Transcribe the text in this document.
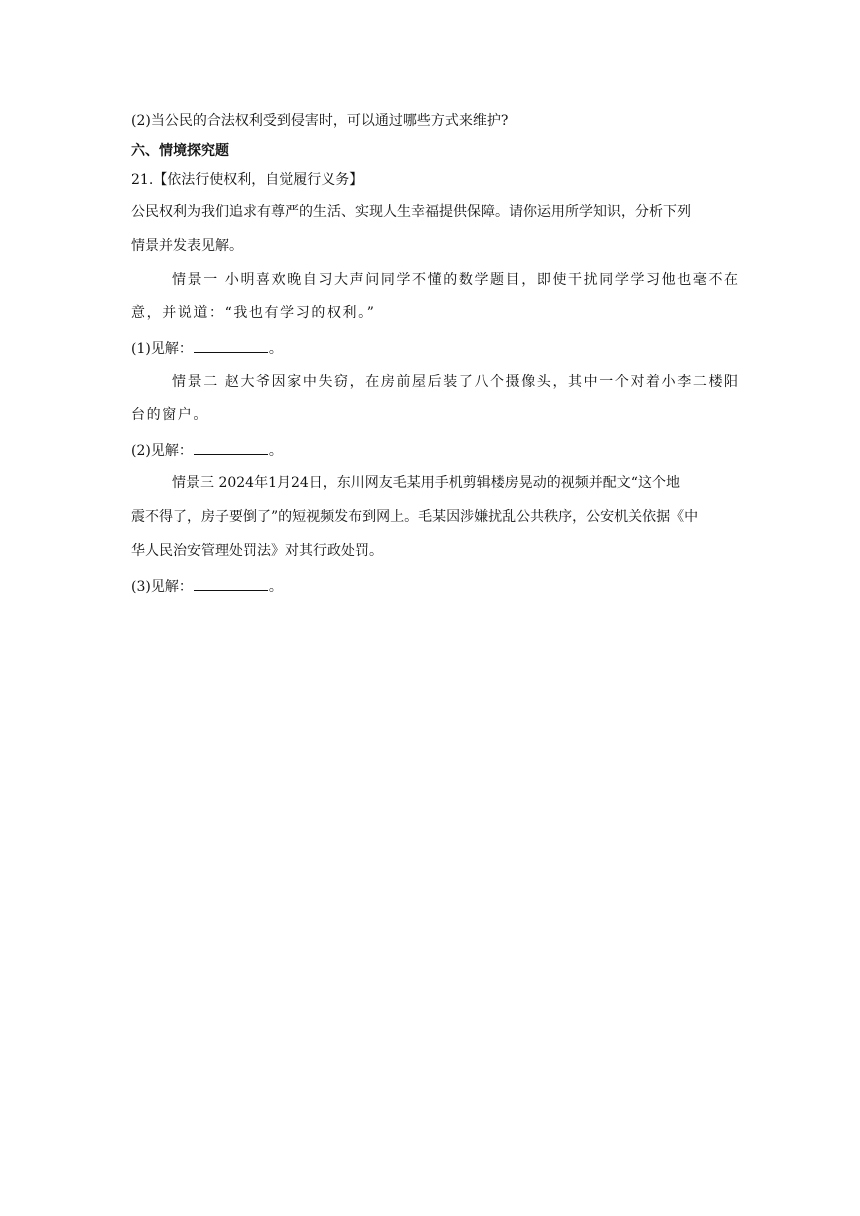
(2)当公民的合法权利受到侵害时，可以通过哪些方式来维护?
六、情境探究题
21.【依法行使权利，自觉履行义务】
公民权利为我们追求有尊严的生活、实现人生幸福提供保障。请你运用所学知识，分析下列
情景并发表见解。
情景一 小明喜欢晚自习大声问同学不懂的数学题目，即使干扰同学学习他也毫不在
意，并说道：“我也有学习的权利。”
(1)见解：	。
情景二 赵大爷因家中失窃，在房前屋后装了八个摄像头，其中一个对着小李二楼阳
台的窗户。
(2)见解：	。
情景三 2024年1月24日，东川网友毛某用手机剪辑楼房晃动的视频并配文“这个地
震不得了，房子要倒了”的短视频发布到网上。毛某因涉嫌扰乱公共秩序，公安机关依据《中
华人民治安管理处罚法》对其行政处罚。
(3)见解：	。
